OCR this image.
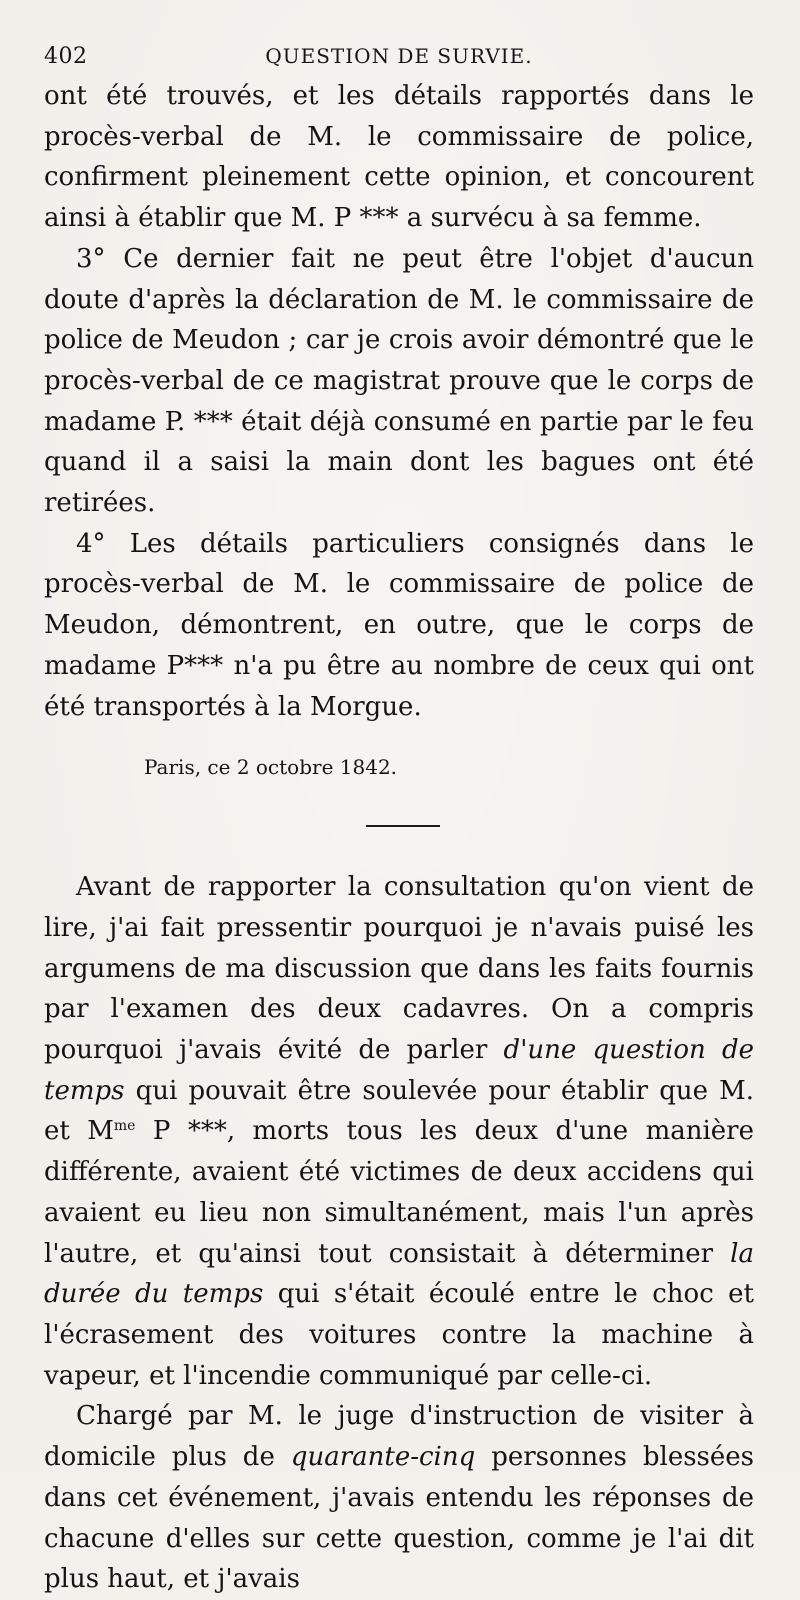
402	QUESTION DE SURVIE.

ont été trouvés, et les détails rapportés dans le procès-verbal de M. le commissaire de police, confirment pleinement cette opinion, et concourent ainsi à établir que M. P *** a survécu à sa femme.

3° Ce dernier fait ne peut être l'objet d'aucun doute d'après la déclaration de M. le commissaire de police de Meudon ; car je crois avoir démontré que le procès-verbal de ce magistrat prouve que le corps de madame P. *** était déjà consumé en partie par le feu quand il a saisi la main dont les bagues ont été retirées.

4° Les détails particuliers consignés dans le procès-verbal de M. le commissaire de police de Meudon, démontrent, en outre, que le corps de madame P*** n'a pu être au nombre de ceux qui ont été transportés à la Morgue.

Paris, ce 2 octobre 1842.

Avant de rapporter la consultation qu'on vient de lire, j'ai fait pressentir pourquoi je n'avais puisé les argumens de ma discussion que dans les faits fournis par l'examen des deux cadavres. On a compris pourquoi j'avais évité de parler d'une question de temps qui pouvait être soulevée pour établir que M. et $M^{me}$ P ***, morts tous les deux d'une manière différente, avaient été victimes de deux accidens qui avaient eu lieu non simultanément, mais l'un après l'autre, et qu'ainsi tout consistait à déterminer la durée du temps qui s'était écoulé entre le choc et l'écrasement des voitures contre la machine à vapeur, et l'incendie communiqué par celle-ci.

Chargé par M. le juge d'instruction de visiter à domicile plus de quarante-cinq personnes blessées dans cet événement, j'avais entendu les réponses de chacune d'elles sur cette question, comme je l'ai dit plus haut, et j'avais
